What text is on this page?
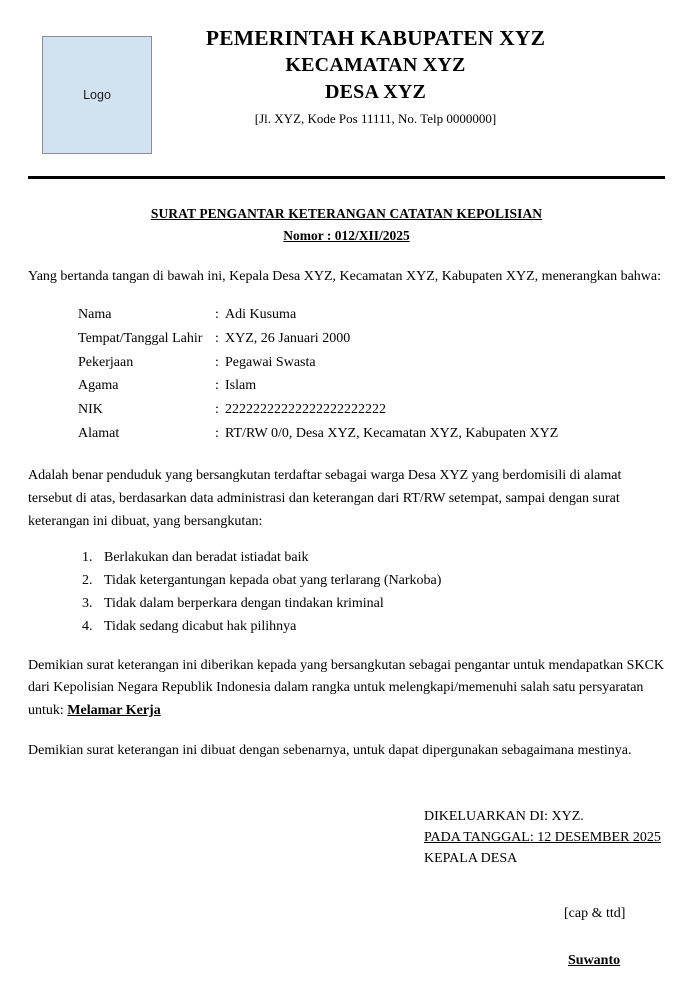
Logo
PEMERINTAH KABUPATEN XYZ
KECAMATAN XYZ
DESA XYZ
[Jl. XYZ, Kode Pos 11111, No. Telp 0000000]
SURAT PENGANTAR KETERANGAN CATATAN KEPOLISIAN
Nomor : 012/XII/2025
Yang bertanda tangan di bawah ini, Kepala Desa XYZ, Kecamatan XYZ, Kabupaten XYZ, menerangkan bahwa:
Nama	:	Adi Kusuma
Tempat/Tanggal Lahir	:	XYZ, 26 Januari 2000
Pekerjaan	:	Pegawai Swasta
Agama	:	Islam
NIK	:	22222222222222222222222
Alamat	:	RT/RW 0/0, Desa XYZ, Kecamatan XYZ, Kabupaten XYZ
Adalah benar penduduk yang bersangkutan terdaftar sebagai warga Desa XYZ yang berdomisili di alamat tersebut di atas, berdasarkan data administrasi dan keterangan dari RT/RW setempat, sampai dengan surat keterangan ini dibuat, yang bersangkutan:
1. Berlakukan dan beradat istiadat baik
2. Tidak ketergantungan kepada obat yang terlarang (Narkoba)
3. Tidak dalam berperkara dengan tindakan kriminal
4. Tidak sedang dicabut hak pilihnya
Demikian surat keterangan ini diberikan kepada yang bersangkutan sebagai pengantar untuk mendapatkan SKCK dari Kepolisian Negara Republik Indonesia dalam rangka untuk melengkapi/memenuhi salah satu persyaratan untuk: Melamar Kerja
Demikian surat keterangan ini dibuat dengan sebenarnya, untuk dapat dipergunakan sebagaimana mestinya.
DIKELUARKAN DI: XYZ.
PADA TANGGAL: 12 DESEMBER 2025
KEPALA DESA
[cap & ttd]
Suwanto
